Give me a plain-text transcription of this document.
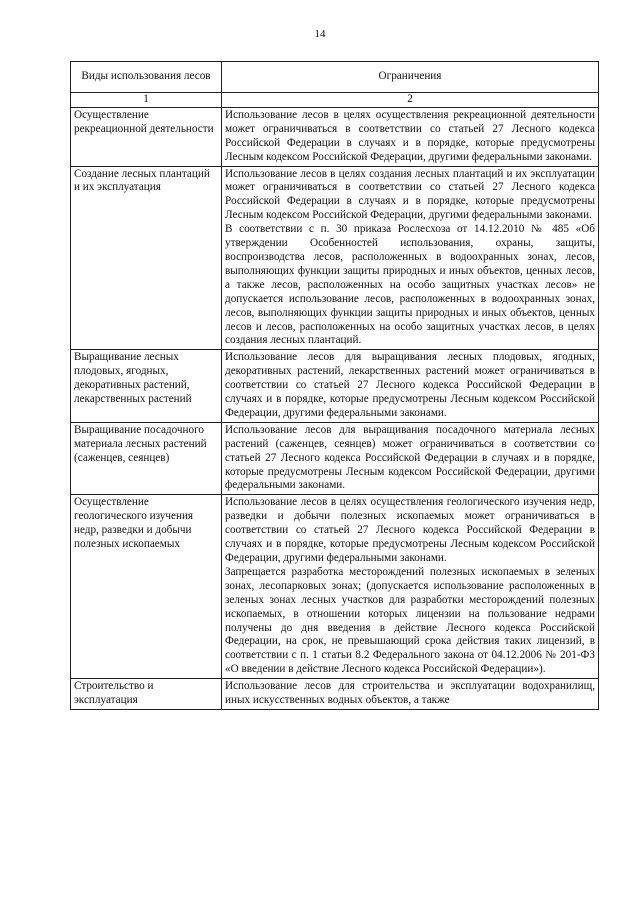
14
Виды использования лесов	Ограничения
1	2
Осуществление рекреационной деятельности	Использование лесов в целях осуществления рекреационной деятельности может ограничиваться в соответствии со статьей 27 Лесного кодекса Российской Федерации в случаях и в порядке, которые предусмотрены Лесным кодексом Российской Федерации, другими федеральными законами.

Создание лесных плантаций и их эксплуатация	Использование лесов в целях создания лесных плантаций и их эксплуатации может ограничиваться в соответствии со статьей 27 Лесного кодекса Российской Федерации в случаях и в порядке, которые предусмотрены Лесным кодексом Российской Федерации, другими федеральными законами.
В соответствии с п. 30 приказа Рослесхоза от 14.12.2010 № 485 «Об утверждении Особенностей использования, охраны, защиты, воспроизводства лесов, расположенных в водоохранных зонах, лесов, выполняющих функции защиты природных и иных объектов, ценных лесов, а также лесов, расположенных на особо защитных участках лесов» не допускается использование лесов, расположенных в водоохранных зонах, лесов, выполняющих функции защиты природных и иных объектов, ценных лесов и лесов, расположенных на особо защитных участках лесов, в целях создания лесных плантаций.

Выращивание лесных плодовых, ягодных, декоративных растений, лекарственных растений	Использование лесов для выращивания лесных плодовых, ягодных, декоративных растений, лекарственных растений может ограничиваться в соответствии со статьей 27 Лесного кодекса Российской Федерации в случаях и в порядке, которые предусмотрены Лесным кодексом Российской Федерации, другими федеральными законами.

Выращивание посадочного материала лесных растений (саженцев, сеянцев)	Использование лесов для выращивания посадочного материала лесных растений (саженцев, сеянцев) может ограничиваться в соответствии со статьей 27 Лесного кодекса Российской Федерации в случаях и в порядке, которые предусмотрены Лесным кодексом Российской Федерации, другими федеральными законами.

Осуществление геологического изучения недр, разведки и добычи полезных ископаемых	Использование лесов в целях осуществления геологического изучения недр, разведки и добычи полезных ископаемых может ограничиваться в соответствии со статьей 27 Лесного кодекса Российской Федерации в случаях и в порядке, которые предусмотрены Лесным кодексом Российской Федерации, другими федеральными законами.
Запрещается разработка месторождений полезных ископаемых в зеленых зонах, лесопарковых зонах; (допускается использование расположенных в зеленых зонах лесных участков для разработки месторождений полезных ископаемых, в отношении которых лицензии на пользование недрами получены до дня введения в действие Лесного кодекса Российской Федерации, на срок, не превышающий срока действия таких лицензий, в соответствии с п. 1 статьи 8.2 Федерального закона от 04.12.2006 № 201-ФЗ «О введении в действие Лесного кодекса Российской Федерации»).

Строительство и эксплуатация	Использование лесов для строительства и эксплуатации водохранилищ, иных искусственных водных объектов, а также
